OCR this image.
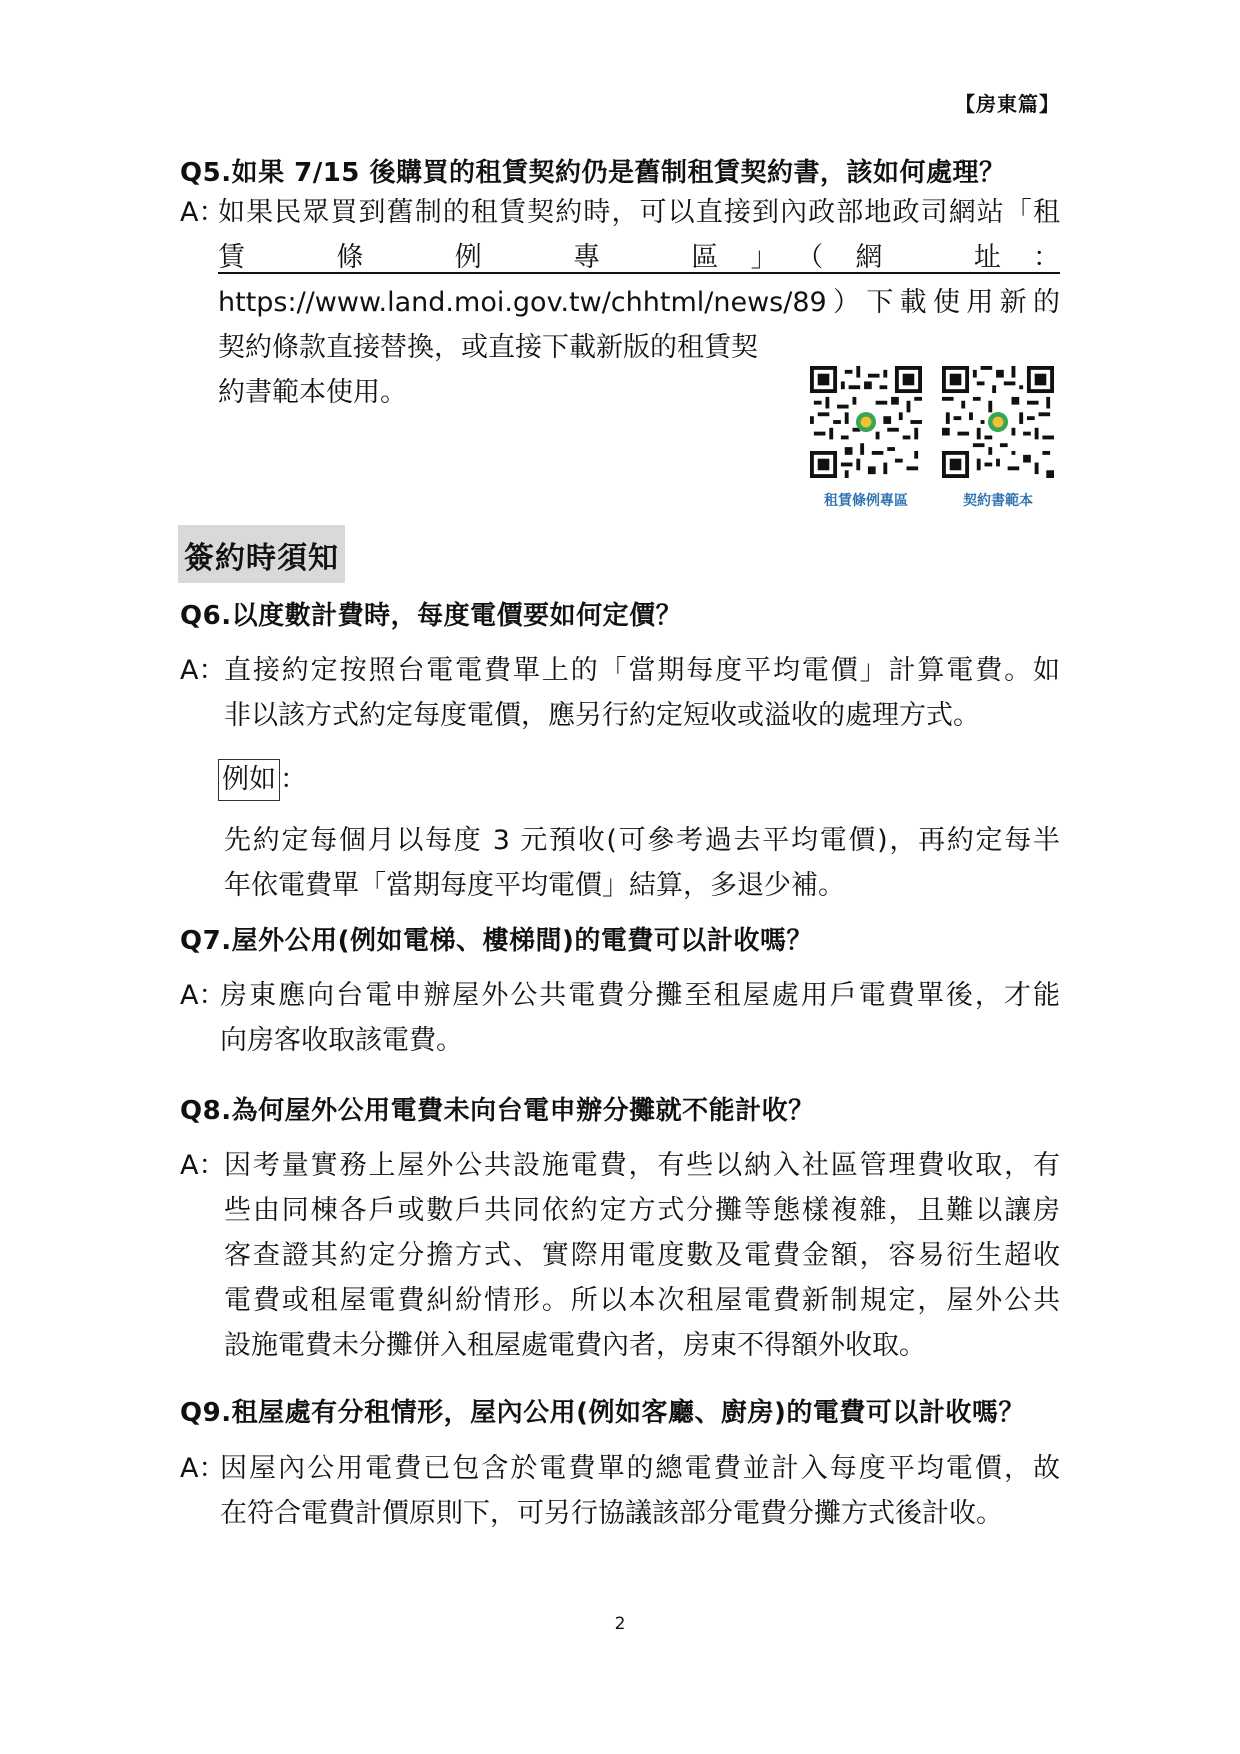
【房東篇】
Q5.如果 7/15 後購買的租賃契約仍是舊制租賃契約書，該如何處理？
A：
如果民眾買到舊制的租賃契約時，可以直接到內政部地政司網站「租
賃　條　例　專　區」（網　址：
https://www.land.moi.gov.tw/chhtml/news/89）下載使用新的
契約條款直接替換，或直接下載新版的租賃契
約書範本使用。
租賃條例專區	契約書範本
簽約時須知
Q6.以度數計費時，每度電價要如何定價？
A：
直接約定按照台電電費單上的「當期每度平均電價」計算電費。如
非以該方式約定每度電價，應另行約定短收或溢收的處理方式。
例如 ：
先約定每個月以每度 3 元預收(可參考過去平均電價)，再約定每半
年依電費單「當期每度平均電價」結算，多退少補。
Q7.屋外公用(例如電梯、樓梯間)的電費可以計收嗎？
A：
房東應向台電申辦屋外公共電費分攤至租屋處用戶電費單後，才能
向房客收取該電費。
Q8.為何屋外公用電費未向台電申辦分攤就不能計收？
A：
因考量實務上屋外公共設施電費，有些以納入社區管理費收取，有
些由同棟各戶或數戶共同依約定方式分攤等態樣複雜，且難以讓房
客查證其約定分擔方式、實際用電度數及電費金額，容易衍生超收
電費或租屋電費糾紛情形。所以本次租屋電費新制規定，屋外公共
設施電費未分攤併入租屋處電費內者，房東不得額外收取。
Q9.租屋處有分租情形，屋內公用(例如客廳、廚房)的電費可以計收嗎？
A：
因屋內公用電費已包含於電費單的總電費並計入每度平均電價，故
在符合電費計價原則下，可另行協議該部分電費分攤方式後計收。
2
